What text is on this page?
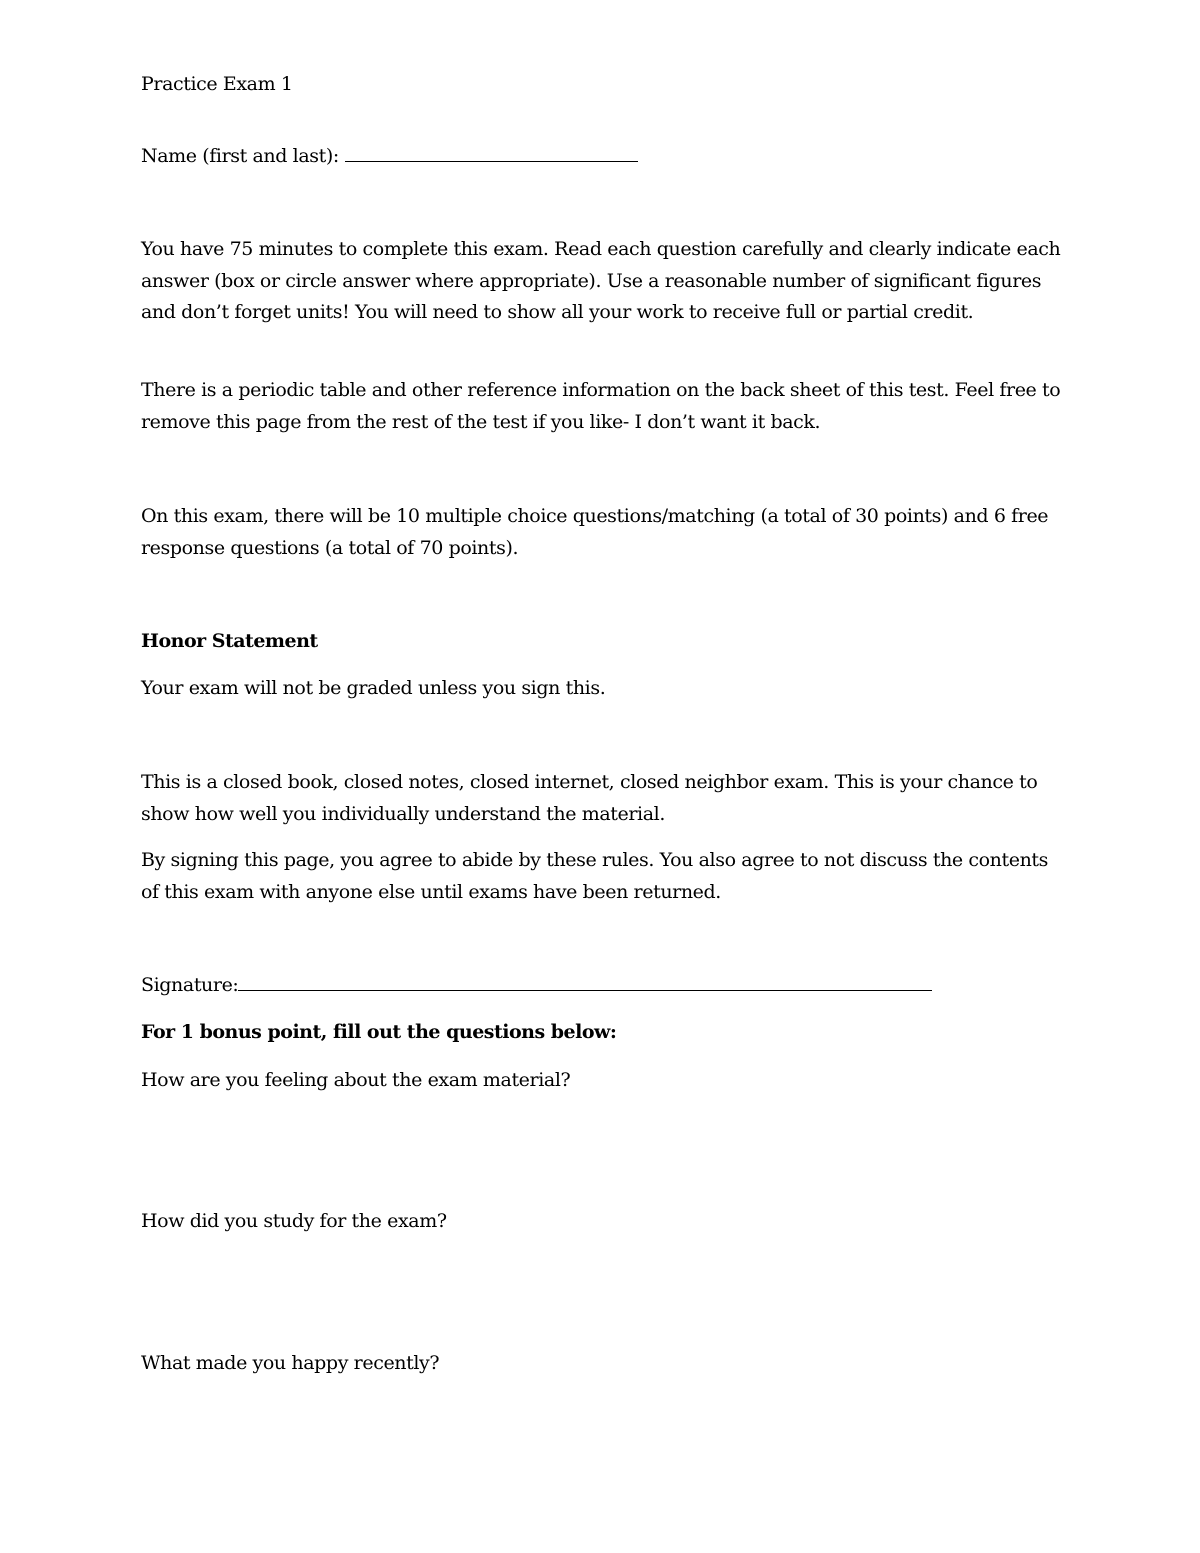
Practice Exam 1

Name (first and last):

You have 75 minutes to complete this exam. Read each question carefully and clearly indicate each answer (box or circle answer where appropriate). Use a reasonable number of significant figures and don’t forget units! You will need to show all your work to receive full or partial credit.

There is a periodic table and other reference information on the back sheet of this test. Feel free to remove this page from the rest of the test if you like- I don’t want it back.

On this exam, there will be 10 multiple choice questions/matching (a total of 30 points) and 6 free response questions (a total of 70 points).

Honor Statement

Your exam will not be graded unless you sign this.

This is a closed book, closed notes, closed internet, closed neighbor exam. This is your chance to show how well you individually understand the material.

By signing this page, you agree to abide by these rules. You also agree to not discuss the contents of this exam with anyone else until exams have been returned.

Signature:

For 1 bonus point, fill out the questions below:

How are you feeling about the exam material?

How did you study for the exam?

What made you happy recently?
